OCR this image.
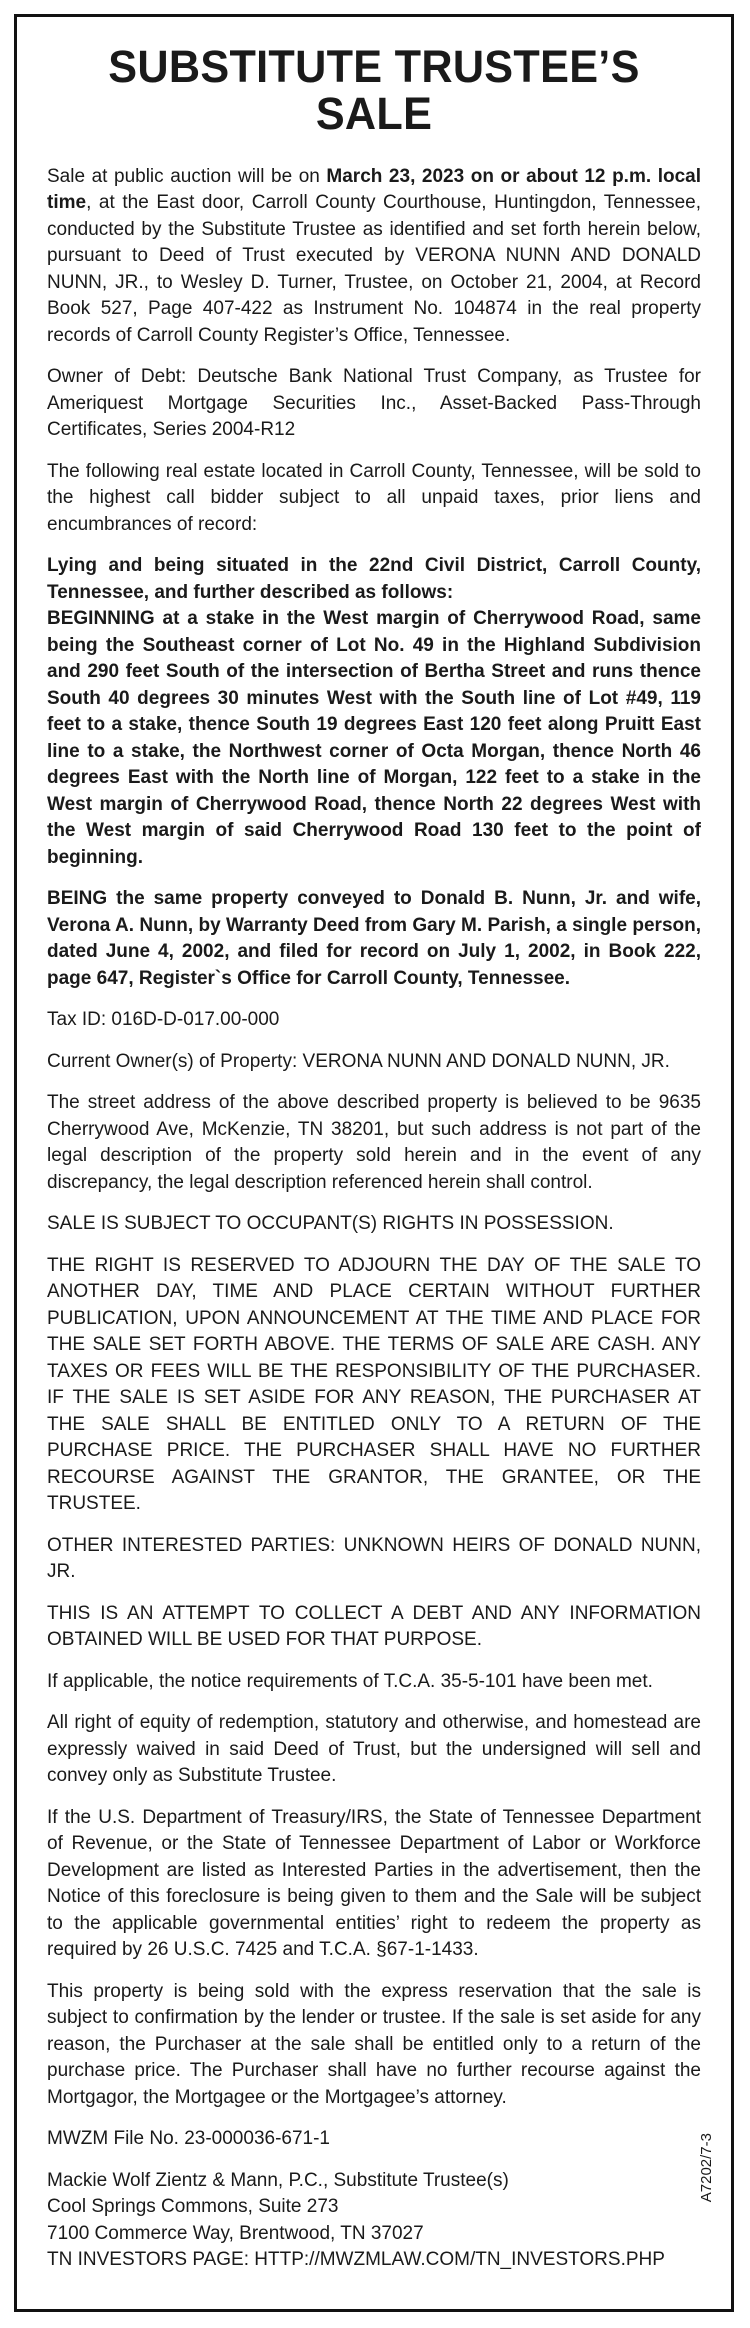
SUBSTITUTE TRUSTEE’S SALE

Sale at public auction will be on March 23, 2023 on or about 12 p.m. local time, at the East door, Carroll County Courthouse, Huntingdon, Tennessee, conducted by the Substitute Trustee as identified and set forth herein below, pursuant to Deed of Trust executed by VERONA NUNN AND DONALD NUNN, JR., to Wesley D. Turner, Trustee, on October 21, 2004, at Record Book 527, Page 407-422 as Instrument No. 104874 in the real property records of Carroll County Register’s Office, Tennessee.

Owner of Debt: Deutsche Bank National Trust Company, as Trustee for Ameriquest Mortgage Securities Inc., Asset-Backed Pass-Through Certificates, Series 2004-R12

The following real estate located in Carroll County, Tennessee, will be sold to the highest call bidder subject to all unpaid taxes, prior liens and encumbrances of record:

Lying and being situated in the 22nd Civil District, Carroll County, Tennessee, and further described as follows:

BEGINNING at a stake in the West margin of Cherrywood Road, same being the Southeast corner of Lot No. 49 in the Highland Subdivision and 290 feet South of the intersection of Bertha Street and runs thence South 40 degrees 30 minutes West with the South line of Lot #49, 119 feet to a stake, thence South 19 degrees East 120 feet along Pruitt East line to a stake, the Northwest corner of Octa Morgan, thence North 46 degrees East with the North line of Morgan, 122 feet to a stake in the West margin of Cherrywood Road, thence North 22 degrees West with the West margin of said Cherrywood Road 130 feet to the point of beginning.

BEING the same property conveyed to Donald B. Nunn, Jr. and wife, Verona A. Nunn, by Warranty Deed from Gary M. Parish, a single person, dated June 4, 2002, and filed for record on July 1, 2002, in Book 222, page 647, Register`s Office for Carroll County, Tennessee.

Tax ID: 016D-D-017.00-000

Current Owner(s) of Property: VERONA NUNN AND DONALD NUNN, JR.

The street address of the above described property is believed to be 9635 Cherrywood Ave, McKenzie, TN 38201, but such address is not part of the legal description of the property sold herein and in the event of any discrepancy, the legal description referenced herein shall control.

SALE IS SUBJECT TO OCCUPANT(S) RIGHTS IN POSSESSION.

THE RIGHT IS RESERVED TO ADJOURN THE DAY OF THE SALE TO ANOTHER DAY, TIME AND PLACE CERTAIN WITHOUT FURTHER PUBLICATION, UPON ANNOUNCEMENT AT THE TIME AND PLACE FOR THE SALE SET FORTH ABOVE. THE TERMS OF SALE ARE CASH. ANY TAXES OR FEES WILL BE THE RESPONSIBILITY OF THE PURCHASER. IF THE SALE IS SET ASIDE FOR ANY REASON, THE PURCHASER AT THE SALE SHALL BE ENTITLED ONLY TO A RETURN OF THE PURCHASE PRICE. THE PURCHASER SHALL HAVE NO FURTHER RECOURSE AGAINST THE GRANTOR, THE GRANTEE, OR THE TRUSTEE.

OTHER INTERESTED PARTIES: UNKNOWN HEIRS OF DONALD NUNN, JR.

THIS IS AN ATTEMPT TO COLLECT A DEBT AND ANY INFORMATION OBTAINED WILL BE USED FOR THAT PURPOSE.

If applicable, the notice requirements of T.C.A. 35-5-101 have been met.

All right of equity of redemption, statutory and otherwise, and homestead are expressly waived in said Deed of Trust, but the undersigned will sell and convey only as Substitute Trustee.

If the U.S. Department of Treasury/IRS, the State of Tennessee Department of Revenue, or the State of Tennessee Department of Labor or Workforce Development are listed as Interested Parties in the advertisement, then the Notice of this foreclosure is being given to them and the Sale will be subject to the applicable governmental entities’ right to redeem the property as required by 26 U.S.C. 7425 and T.C.A. §67-1-1433.

This property is being sold with the express reservation that the sale is subject to confirmation by the lender or trustee. If the sale is set aside for any reason, the Purchaser at the sale shall be entitled only to a return of the purchase price. The Purchaser shall have no further recourse against the Mortgagor, the Mortgagee or the Mortgagee’s attorney.

MWZM File No. 23-000036-671-1

Mackie Wolf Zientz & Mann, P.C., Substitute Trustee(s)
Cool Springs Commons, Suite 273
7100 Commerce Way, Brentwood, TN 37027
TN INVESTORS PAGE: HTTP://MWZMLAW.COM/TN_INVESTORS.PHP
A7202/7-3
